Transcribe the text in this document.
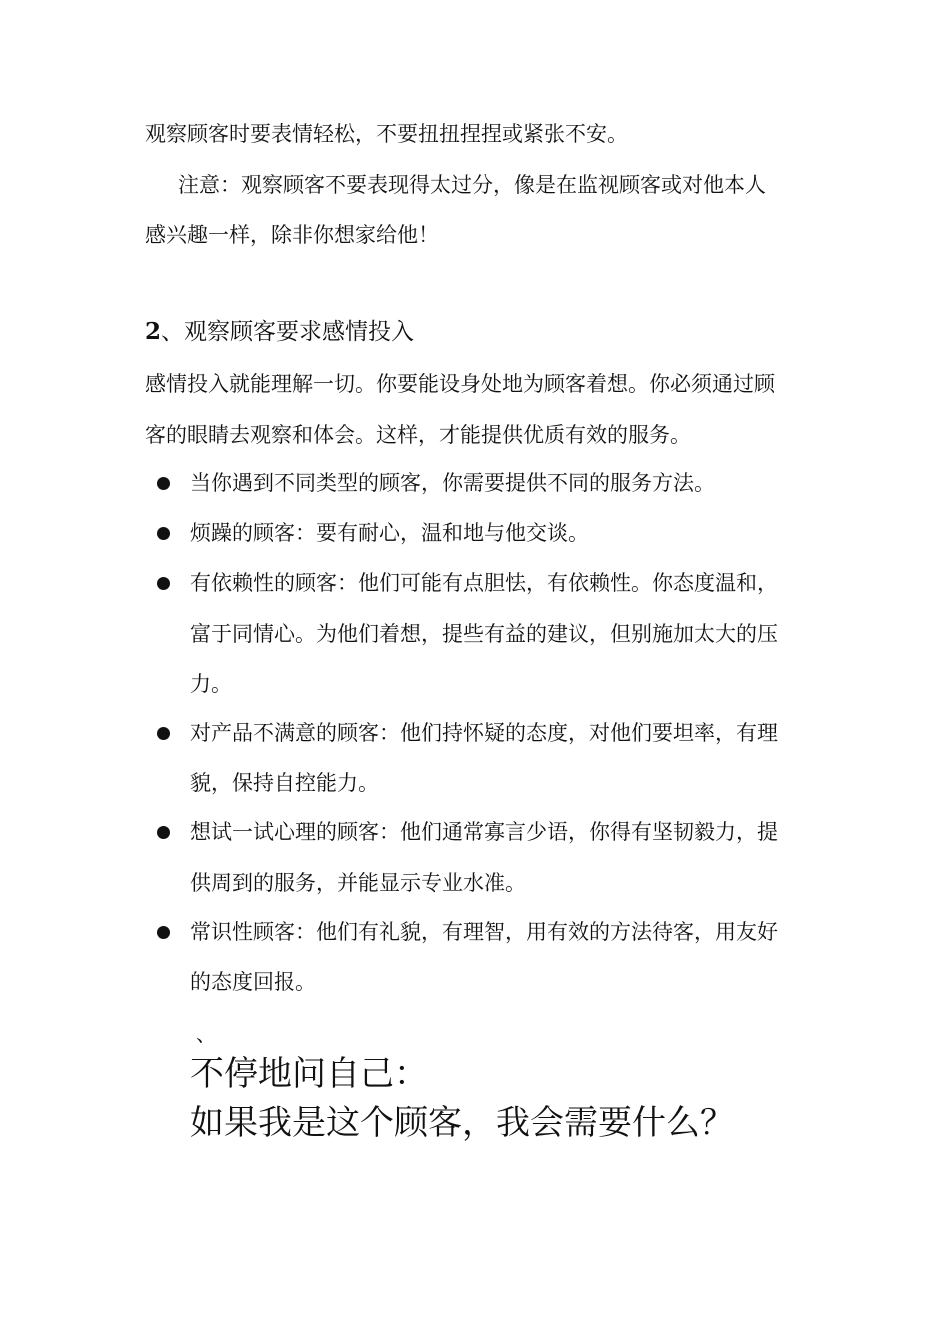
观察顾客时要表情轻松，不要扭扭捏捏或紧张不安。
注意：观察顾客不要表现得太过分，像是在监视顾客或对他本人
感兴趣一样，除非你想家给他！
2、观察顾客要求感情投入
感情投入就能理解一切。你要能设身处地为顾客着想。你必须通过顾
客的眼睛去观察和体会。这样，才能提供优质有效的服务。
当你遇到不同类型的顾客，你需要提供不同的服务方法。
烦躁的顾客：要有耐心，温和地与他交谈。
有依赖性的顾客：他们可能有点胆怯，有依赖性。你态度温和，
富于同情心。为他们着想，提些有益的建议，但别施加太大的压
力。
对产品不满意的顾客：他们持怀疑的态度，对他们要坦率，有理
貌，保持自控能力。
想试一试心理的顾客：他们通常寡言少语，你得有坚韧毅力，提
供周到的服务，并能显示专业水准。
常识性顾客：他们有礼貌，有理智，用有效的方法待客，用友好
的态度回报。
、
不停地问自己：
如果我是这个顾客，我会需要什么？
